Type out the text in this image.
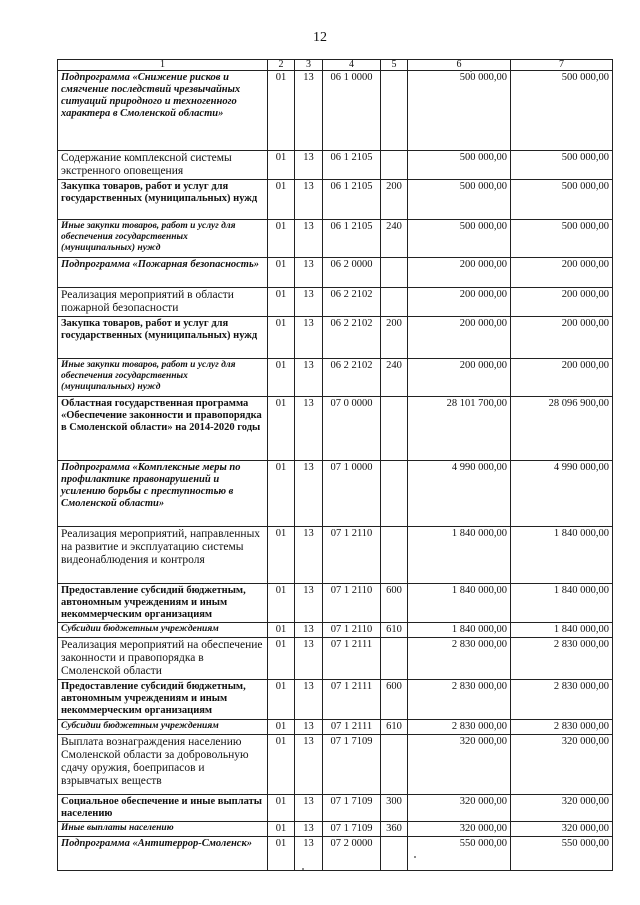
12
1	2	3	4	5	6	7
Подпрограмма «Снижение рисков и смягчение последствий чрезвычайных ситуаций природного и техногенного характера в Смоленской области»	01	13	06 1 0000		500 000,00	500 000,00
Содержание комплексной системы экстренного оповещения	01	13	06 1 2105		500 000,00	500 000,00
Закупка товаров, работ и услуг для государственных (муниципальных) нужд	01	13	06 1 2105	200	500 000,00	500 000,00
Иные закупки товаров, работ и услуг для обеспечения государственных (муниципальных) нужд	01	13	06 1 2105	240	500 000,00	500 000,00
Подпрограмма «Пожарная безопасность»	01	13	06 2 0000		200 000,00	200 000,00
Реализация мероприятий в области пожарной безопасности	01	13	06 2 2102		200 000,00	200 000,00
Закупка товаров, работ и услуг для государственных (муниципальных) нужд	01	13	06 2 2102	200	200 000,00	200 000,00
Иные закупки товаров, работ и услуг для обеспечения государственных (муниципальных) нужд	01	13	06 2 2102	240	200 000,00	200 000,00
Областная государственная программа «Обеспечение законности и правопорядка в Смоленской области» на 2014-2020 годы	01	13	07 0 0000		28 101 700,00	28 096 900,00
Подпрограмма «Комплексные меры по профилактике правонарушений и усилению борьбы с преступностью в Смоленской области»	01	13	07 1 0000		4 990 000,00	4 990 000,00
Реализация мероприятий, направленных на развитие и эксплуатацию системы видеонаблюдения и контроля	01	13	07 1 2110		1 840 000,00	1 840 000,00
Предоставление субсидий бюджетным, автономным учреждениям и иным некоммерческим организациям	01	13	07 1 2110	600	1 840 000,00	1 840 000,00
Субсидии бюджетным учреждениям	01	13	07 1 2110	610	1 840 000,00	1 840 000,00
Реализация мероприятий на обеспечение законности и правопорядка в Смоленской области	01	13	07 1 2111		2 830 000,00	2 830 000,00
Предоставление субсидий бюджетным, автономным учреждениям и иным некоммерческим организациям	01	13	07 1 2111	600	2 830 000,00	2 830 000,00
Субсидии бюджетным учреждениям	01	13	07 1 2111	610	2 830 000,00	2 830 000,00
Выплата вознаграждения населению Смоленской области за добровольную сдачу оружия, боеприпасов и взрывчатых веществ	01	13	07 1 7109		320 000,00	320 000,00
Социальное обеспечение и иные выплаты населению	01	13	07 1 7109	300	320 000,00	320 000,00
Иные выплаты населению	01	13	07 1 7109	360	320 000,00	320 000,00
Подпрограмма «Антитеррор-Смоленск»	01	13	07 2 0000		550 000,00	550 000,00
